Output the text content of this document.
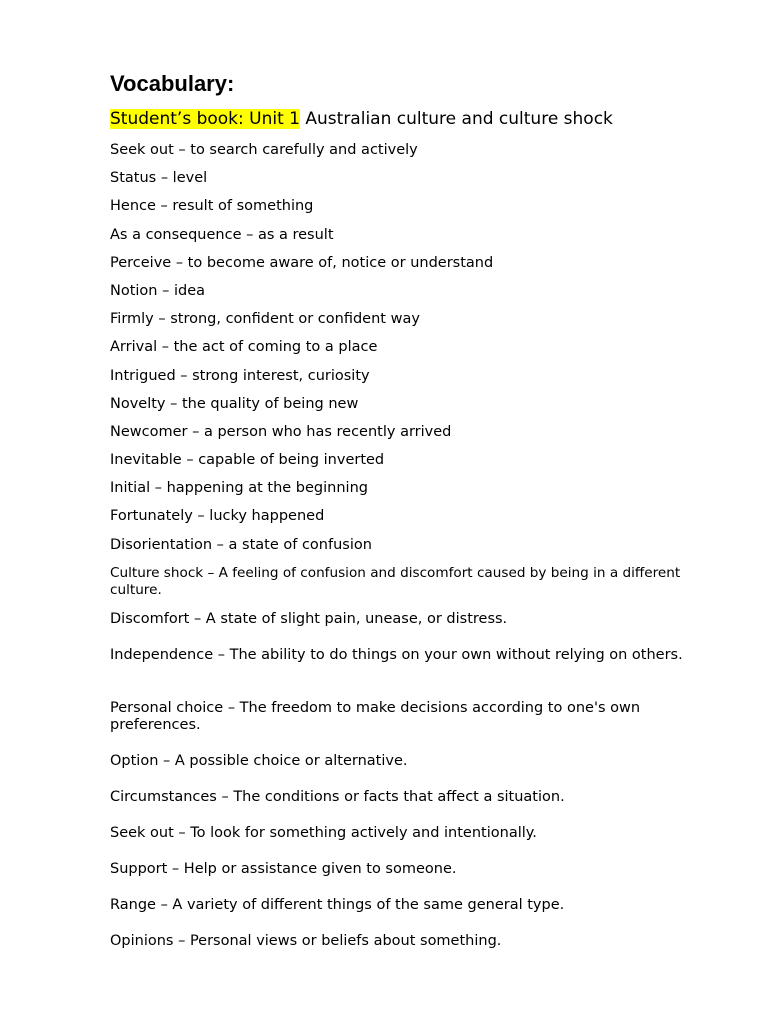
Vocabulary:

Student’s book: Unit 1 Australian culture and culture shock

Seek out – to search carefully and actively
Status – level
Hence – result of something
As a consequence – as a result
Perceive – to become aware of, notice or understand
Notion – idea
Firmly – strong, confident or confident way
Arrival – the act of coming to a place
Intrigued – strong interest, curiosity
Novelty – the quality of being new
Newcomer – a person who has recently arrived
Inevitable – capable of being inverted
Initial – happening at the beginning
Fortunately – lucky happened
Disorientation – a state of confusion
Culture shock – A feeling of confusion and discomfort caused by being in a different culture.
Discomfort – A state of slight pain, unease, or distress.
Independence – The ability to do things on your own without relying on others.
Personal choice – The freedom to make decisions according to one's own preferences.
Option – A possible choice or alternative.
Circumstances – The conditions or facts that affect a situation.
Seek out – To look for something actively and intentionally.
Support – Help or assistance given to someone.
Range – A variety of different things of the same general type.
Opinions – Personal views or beliefs about something.
